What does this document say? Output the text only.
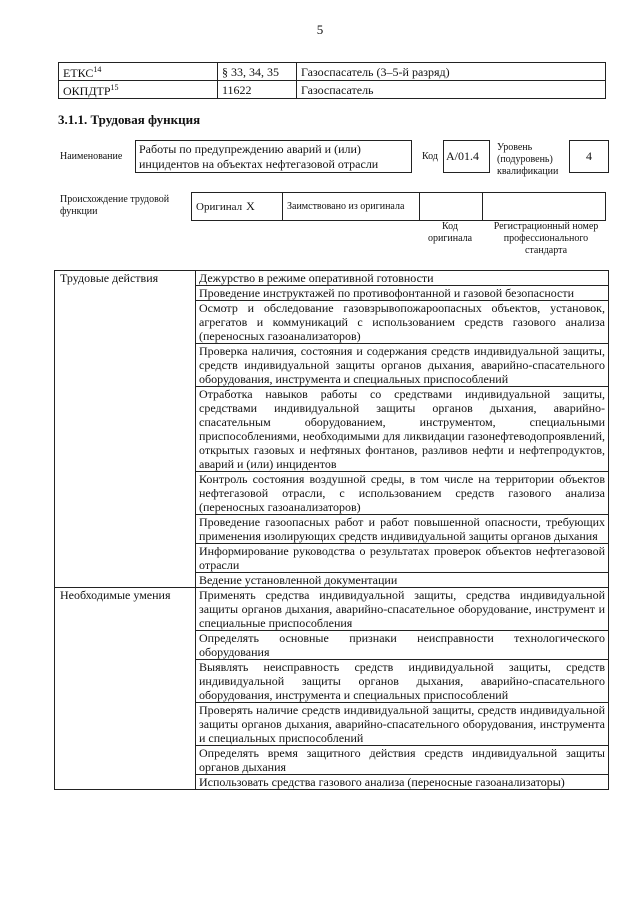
5
ЕТКС$^{14}$	§ 33, 34, 35	Газоспасатель (3–5-й разряд)
ОКПДТР$^{15}$	11622	Газоспасатель
3.1.1. Трудовая функция
Наименование
Работы по предупреждению аварий и (или) инцидентов на объектах нефтегазовой отрасли
Код A/01.4
Уровень (подуровень) квалификации
4
Происхождение трудовой функции	Оригинал X	Заимствовано из оригинала		
Код оригинала
Регистрационный номер профессионального стандарта
Трудовые действия	Дежурство в режиме оперативной готовности
	Проведение инструктажей по противофонтанной и газовой безопасности
	Осмотр и обследование газовзрывопожароопасных объектов, установок, агрегатов и коммуникаций с использованием средств газового анализа (переносных газоанализаторов)
	Проверка наличия, состояния и содержания средств индивидуальной защиты, средств индивидуальной защиты органов дыхания, аварийно-спасательного оборудования, инструмента и специальных приспособлений
	Отработка навыков работы со средствами индивидуальной защиты, средствами индивидуальной защиты органов дыхания, аварийно-спасательным оборудованием, инструментом, специальными приспособлениями, необходимыми для ликвидации газонефтеводопроявлений, открытых газовых и нефтяных фонтанов, разливов нефти и нефтепродуктов, аварий и (или) инцидентов
	Контроль состояния воздушной среды, в том числе на территории объектов нефтегазовой отрасли, с использованием средств газового анализа (переносных газоанализаторов)
	Проведение газоопасных работ и работ повышенной опасности, требующих применения изолирующих средств индивидуальной защиты органов дыхания
	Информирование руководства о результатах проверок объектов нефтегазовой отрасли
	Ведение установленной документации
Необходимые умения	Применять средства индивидуальной защиты, средства индивидуальной защиты органов дыхания, аварийно-спасательное оборудование, инструмент и специальные приспособления
	Определять основные признаки неисправности технологического оборудования
	Выявлять неисправность средств индивидуальной защиты, средств индивидуальной защиты органов дыхания, аварийно-спасательного оборудования, инструмента и специальных приспособлений
	Проверять наличие средств индивидуальной защиты, средств индивидуальной защиты органов дыхания, аварийно-спасательного оборудования, инструмента и специальных приспособлений
	Определять время защитного действия средств индивидуальной защиты органов дыхания
	Использовать средства газового анализа (переносные газоанализаторы)
